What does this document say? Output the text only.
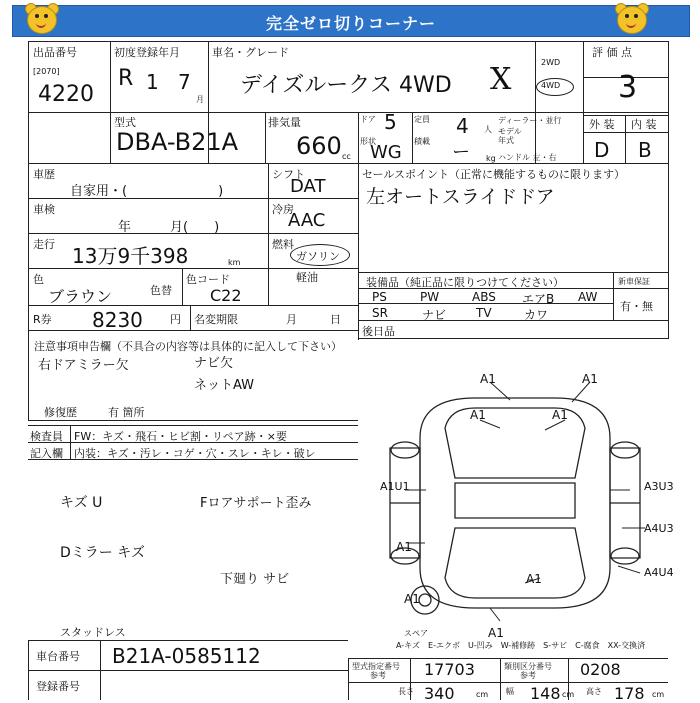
完全ゼロ切りコーナー
出品番号
[2070]
4220
初度登録年月
R 1 7
月
車名・グレード
デイズルークス 4WD X	2WD
4WD
評 価 点
3
型式
DBA-B21A
排気量
660 cc
ドア 5 定員 4 人
形状
WG
積載
ー kg
ディーラー・並行
モデル
年式
ハンドル 左・右
外 装 内 装
D B
車歴
自家用・(　　　　　　　)
シフト
DAT
セールスポイント（正常に機能するものに限ります）
左オートスライドドア
車検
年　　　月(　　)
冷房
AAC
走行 13万9千398	km
燃料
ガソリン
軽油
色
ブラウン	色替
色コード
C22
R券 8230 円 名変期限	月　　　日
装備品（純正品に限りつけてください）
PS	PW	ABS エアB AW
SR	ナビ TV	カワ
新車保証
有・無
後日品
注意事項申告欄（不具合の内容等は具体的に記入して下さい）
右ドアミラー欠	ナビ欠
ネットAW
修復歴	有 箇所
検査員 FW：キズ・飛石・ヒビ割・リペア跡・×要
記入欄 内装：キズ・汚レ・コゲ・穴・スレ・キレ・破レ
キズ U
Dミラー キズ
Fロアサポート歪み
下廻り サビ
A1	A1
A1	A1
A1U1	A3U3
A4U3
A1
A4U4
A1
A1
A1
スペア
A-キズ　E-エクボ　U-凹み　W-補修跡　S-サビ　C-腐食　XX-交換済
スタッドレス
車台番号 B21A-0585112
登録番号
型式指定番号
参考 17703	類別区分番号
参考	0208
長さ 340	cm 幅 148 cm 高さ 178 cm
